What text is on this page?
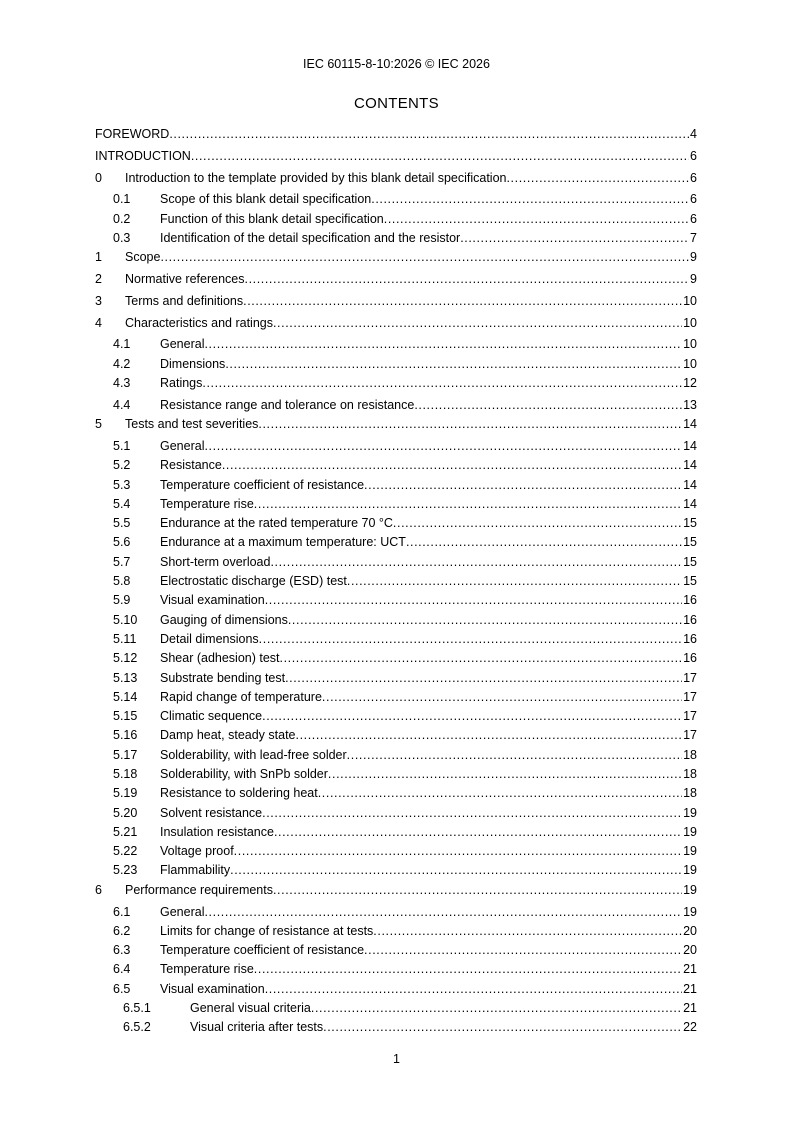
IEC 60115-8-10:2026 © IEC 2026
CONTENTS
FOREWORD .....	4
INTRODUCTION .....	6
0 Introduction to the template provided by this blank detail specification .....	6
0.1 Scope of this blank detail specification .....	6
0.2 Function of this blank detail specification .....	6
0.3 Identification of the detail specification and the resistor .....	7
1 Scope .....	9
2 Normative references .....	9
3 Terms and definitions .....	10
4 Characteristics and ratings .....	10
4.1 General .....	10
4.2 Dimensions .....	10
4.3 Ratings .....	12
4.4 Resistance range and tolerance on resistance .....	13
5 Tests and test severities .....	14
5.1 General .....	14
5.2 Resistance .....	14
5.3 Temperature coefficient of resistance .....	14
5.4 Temperature rise .....	14
5.5 Endurance at the rated temperature 70 °C .....	15
5.6 Endurance at a maximum temperature: UCT .....	15
5.7 Short-term overload .....	15
5.8 Electrostatic discharge (ESD) test .....	15
5.9 Visual examination .....	16
5.10 Gauging of dimensions .....	16
5.11 Detail dimensions .....	16
5.12 Shear (adhesion) test .....	16
5.13 Substrate bending test .....	17
5.14 Rapid change of temperature .....	17
5.15 Climatic sequence .....	17
5.16 Damp heat, steady state .....	17
5.17 Solderability, with lead-free solder .....	18
5.18 Solderability, with SnPb solder .....	18
5.19 Resistance to soldering heat .....	18
5.20 Solvent resistance .....	19
5.21 Insulation resistance .....	19
5.22 Voltage proof .....	19
5.23 Flammability .....	19
6 Performance requirements .....	19
6.1 General .....	19
6.2 Limits for change of resistance at tests .....	20
6.3 Temperature coefficient of resistance .....	20
6.4 Temperature rise .....	21
6.5 Visual examination .....	21
6.5.1	General visual criteria .....	21
6.5.2	Visual criteria after tests .....	22
1
